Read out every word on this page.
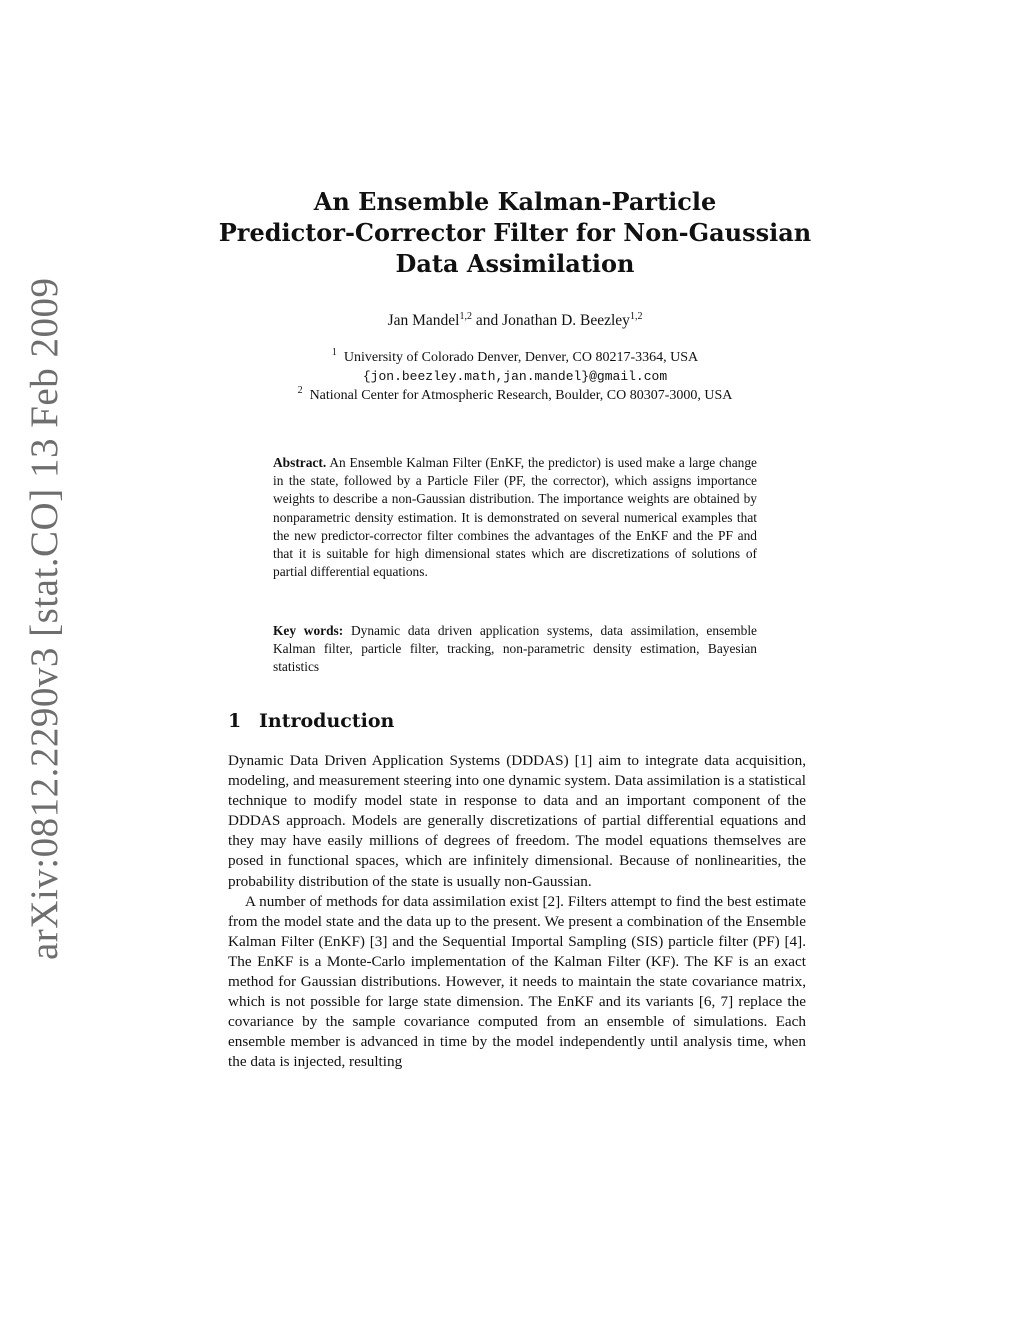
arXiv:0812.2290v3 [stat.CO] 13 Feb 2009
An Ensemble Kalman-Particle
Predictor-Corrector Filter for Non-Gaussian
Data Assimilation
Jan Mandel$^{1,2}$ and Jonathan D. Beezley$^{1,2}$
$^1$ University of Colorado Denver, Denver, CO 80217-3364, USA
{jon.beezley.math,jan.mandel}@gmail.com
$^2$ National Center for Atmospheric Research, Boulder, CO 80307-3000, USA
Abstract. An Ensemble Kalman Filter (EnKF, the predictor) is used make a large change in the state, followed by a Particle Filer (PF, the corrector), which assigns importance weights to describe a non-Gaussian distribution. The importance weights are obtained by nonparametric density estimation. It is demonstrated on several numerical examples that the new predictor-corrector filter combines the advantages of the EnKF and the PF and that it is suitable for high dimensional states which are discretizations of solutions of partial differential equations.
Key words: Dynamic data driven application systems, data assimilation, ensemble Kalman filter, particle filter, tracking, non-parametric density estimation, Bayesian statistics
1 Introduction

Dynamic Data Driven Application Systems (DDDAS) [1] aim to integrate data acquisition, modeling, and measurement steering into one dynamic system. Data assimilation is a statistical technique to modify model state in response to data and an important component of the DDDAS approach. Models are generally discretizations of partial differential equations and they may have easily millions of degrees of freedom. The model equations themselves are posed in functional spaces, which are infinitely dimensional. Because of nonlinearities, the probability distribution of the state is usually non-Gaussian.

A number of methods for data assimilation exist [2]. Filters attempt to find the best estimate from the model state and the data up to the present. We present a combination of the Ensemble Kalman Filter (EnKF) [3] and the Sequential Importal Sampling (SIS) particle filter (PF) [4]. The EnKF is a Monte-Carlo implementation of the Kalman Filter (KF). The KF is an exact method for Gaussian distributions. However, it needs to maintain the state covariance matrix, which is not possible for large state dimension. The EnKF and its variants [6, 7] replace the covariance by the sample covariance computed from an ensemble of simulations. Each ensemble member is advanced in time by the model independently until analysis time, when the data is injected, resulting
